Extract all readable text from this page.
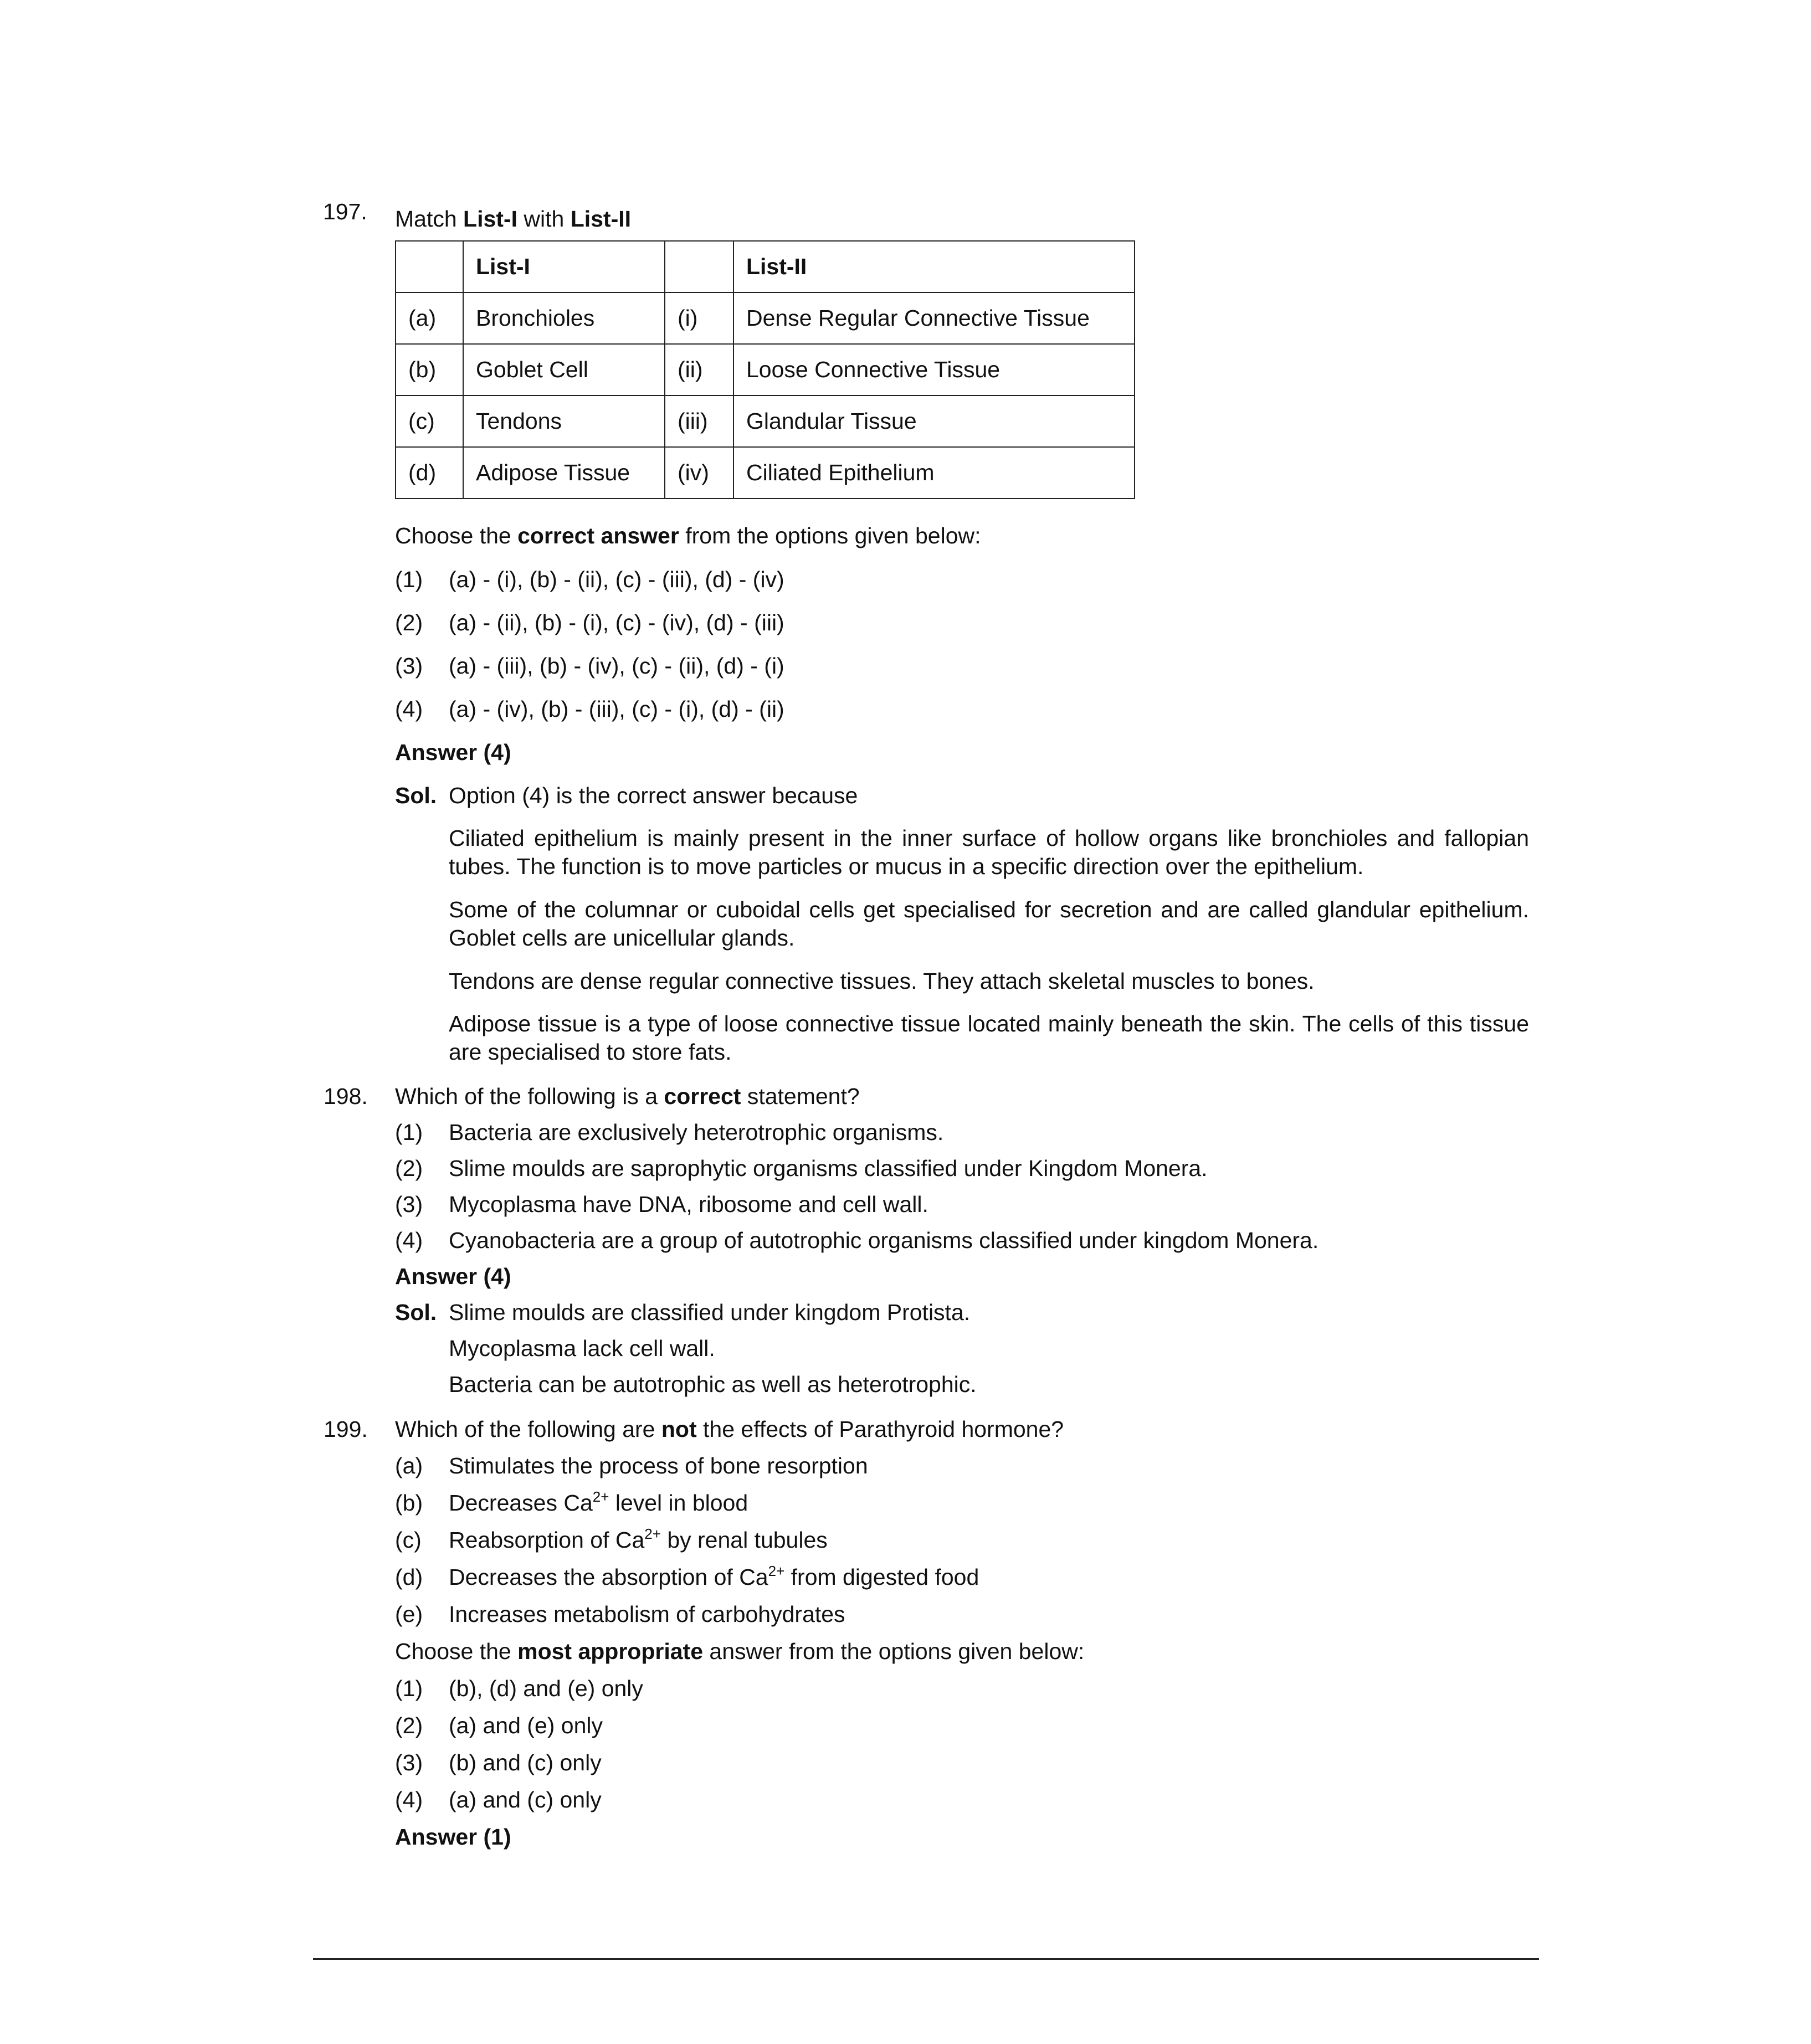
197. Match List-I with List-II
	List-I		List-II
(a)	Bronchioles	(i)	Dense Regular Connective Tissue
(b)	Goblet Cell	(ii)	Loose Connective Tissue
(c)	Tendons	(iii)	Glandular Tissue
(d)	Adipose Tissue	(iv)	Ciliated Epithelium
Choose the correct answer from the options given below:
(1) (a) - (i), (b) - (ii), (c) - (iii), (d) - (iv)
(2) (a) - (ii), (b) - (i), (c) - (iv), (d) - (iii)
(3) (a) - (iii), (b) - (iv), (c) - (ii), (d) - (i)
(4) (a) - (iv), (b) - (iii), (c) - (i), (d) - (ii)
Answer (4)
Sol. Option (4) is the correct answer because
Ciliated epithelium is mainly present in the inner surface of hollow organs like bronchioles and fallopian tubes. The function is to move particles or mucus in a specific direction over the epithelium.
Some of the columnar or cuboidal cells get specialised for secretion and are called glandular epithelium. Goblet cells are unicellular glands.
Tendons are dense regular connective tissues. They attach skeletal muscles to bones.
Adipose tissue is a type of loose connective tissue located mainly beneath the skin. The cells of this tissue are specialised to store fats.
198. Which of the following is a correct statement?
(1) Bacteria are exclusively heterotrophic organisms.
(2) Slime moulds are saprophytic organisms classified under Kingdom Monera.
(3) Mycoplasma have DNA, ribosome and cell wall.
(4) Cyanobacteria are a group of autotrophic organisms classified under kingdom Monera.
Answer (4)
Sol. Slime moulds are classified under kingdom Protista.
Mycoplasma lack cell wall.
Bacteria can be autotrophic as well as heterotrophic.
199. Which of the following are not the effects of Parathyroid hormone?
(a) Stimulates the process of bone resorption
(b) Decreases $Ca^{2+}$ level in blood
(c) Reabsorption of $Ca^{2+}$ by renal tubules
(d) Decreases the absorption of $Ca^{2+}$ from digested food
(e) Increases metabolism of carbohydrates
Choose the most appropriate answer from the options given below:
(1) (b), (d) and (e) only
(2) (a) and (e) only
(3) (b) and (c) only
(4) (a) and (c) only
Answer (1)
